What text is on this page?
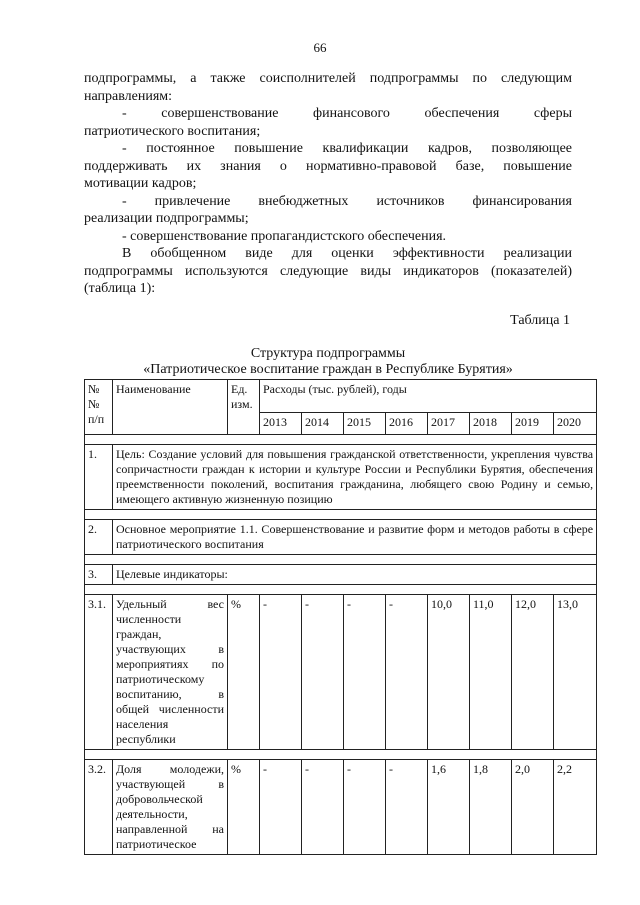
66

подпрограммы, а также соисполнителей подпрограммы по следующим

направлениям:

- совершенствование финансового обеспечения сферы

патриотического воспитания;

- постоянное повышение квалификации кадров, позволяющее

поддерживать их знания о нормативно-правовой базе, повышение

мотивации кадров;

- привлечение внебюджетных источников финансирования

реализации подпрограммы;

- совершенствование пропагандистского обеспечения.

В обобщенном виде для оценки эффективности реализации

подпрограммы используются следующие виды индикаторов (показателей)

(таблица 1):

Таблица 1
Структура подпрограммы
«Патриотическое воспитание граждан в Республике Бурятия»
№ № п/п	Наименование	Ед. изм.	Расходы (тыс. рублей), годы							
			2013	2014	2015	2016	2017	2018	2019	2020

1.	Цель: Создание условий для повышения гражданской ответственности, укрепления чувства сопричастности граждан к истории и культуре России и Республики Бурятия, обеспечения преемственности поколений, воспитания гражданина, любящего свою Родину и семью, имеющего активную жизненную позицию									

2.	Основное мероприятие 1.1. Совершенствование и развитие форм и методов работы в сфере патриотического воспитания									

3.	Целевые индикаторы:									

3.1.	Удельный вес численности граждан, участвующих в мероприятиях по патриотическому воспитанию, в общей численности населения республики	%	-	-	-	-	10,0	11,0	12,0	13,0

3.2.	Доля молодежи, участвующей в добровольческой деятельности, направленной на патриотическое	%	-	-	-	-	1,6	1,8	2,0	2,2
